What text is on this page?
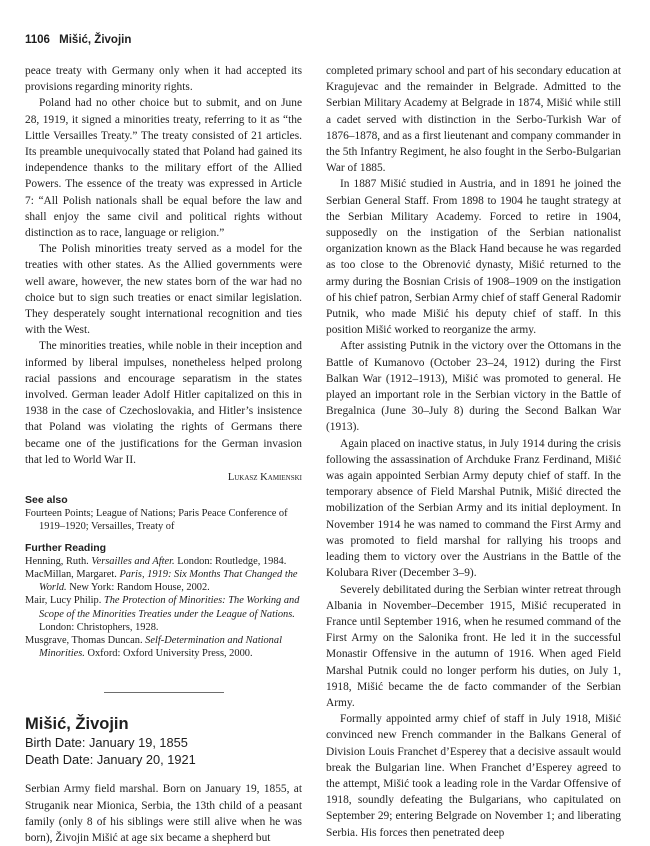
1106 Mišić, Živojin

peace treaty with Germany only when it had accepted its provisions regarding minority rights.

Poland had no other choice but to submit, and on June 28, 1919, it signed a minorities treaty, referring to it as “the Little Versailles Treaty.” The treaty consisted of 21 articles. Its preamble unequivocally stated that Poland had gained its independence thanks to the military effort of the Allied Powers. The essence of the treaty was expressed in Article 7: “All Polish nationals shall be equal before the law and shall enjoy the same civil and political rights without distinction as to race, language or religion.”

The Polish minorities treaty served as a model for the treaties with other states. As the Allied governments were well aware, however, the new states born of the war had no choice but to sign such treaties or enact similar legislation. They desperately sought international recognition and ties with the West.

The minorities treaties, while noble in their inception and informed by liberal impulses, nonetheless helped prolong racial passions and encourage separatism in the states involved. German leader Adolf Hitler capitalized on this in 1938 in the case of Czechoslovakia, and Hitler’s insistence that Poland was violating the rights of Germans there became one of the justifications for the German invasion that led to World War II.

Lukasz Kamienski
See also
Fourteen Points; League of Nations; Paris Peace Conference of 1919–1920; Versailles, Treaty of
Further Reading
Henning, Ruth. Versailles and After. London: Routledge, 1984.
MacMillan, Margaret. Paris, 1919: Six Months That Changed the World. New York: Random House, 2002.
Mair, Lucy Philip. The Protection of Minorities: The Working and Scope of the Minorities Treaties under the League of Nations. London: Christophers, 1928.
Musgrave, Thomas Duncan. Self-Determination and National Minorities. Oxford: Oxford University Press, 2000.
Mišić, Živojin
Birth Date: January 19, 1855
Death Date: January 20, 1921

Serbian Army field marshal. Born on January 19, 1855, at Struganik near Mionica, Serbia, the 13th child of a peasant family (only 8 of his siblings were still alive when he was born), Živojin Mišić at age six became a shepherd but

completed primary school and part of his secondary education at Kragujevac and the remainder in Belgrade. Admitted to the Serbian Military Academy at Belgrade in 1874, Mišić while still a cadet served with distinction in the Serbo-Turkish War of 1876–1878, and as a first lieutenant and company commander in the 5th Infantry Regiment, he also fought in the Serbo-Bulgarian War of 1885.

In 1887 Mišić studied in Austria, and in 1891 he joined the Serbian General Staff. From 1898 to 1904 he taught strategy at the Serbian Military Academy. Forced to retire in 1904, supposedly on the instigation of the Serbian nationalist organization known as the Black Hand because he was regarded as too close to the Obrenović dynasty, Mišić returned to the army during the Bosnian Crisis of 1908–1909 on the instigation of his chief patron, Serbian Army chief of staff General Radomir Putnik, who made Mišić his deputy chief of staff. In this position Mišić worked to reorganize the army.

After assisting Putnik in the victory over the Ottomans in the Battle of Kumanovo (October 23–24, 1912) during the First Balkan War (1912–1913), Mišić was promoted to general. He played an important role in the Serbian victory in the Battle of Bregalnica (June 30–July 8) during the Second Balkan War (1913).

Again placed on inactive status, in July 1914 during the crisis following the assassination of Archduke Franz Ferdinand, Mišić was again appointed Serbian Army deputy chief of staff. In the temporary absence of Field Marshal Putnik, Mišić directed the mobilization of the Serbian Army and its initial deployment. In November 1914 he was named to command the First Army and was promoted to field marshal for rallying his troops and leading them to victory over the Austrians in the Battle of the Kolubara River (December 3–9).

Severely debilitated during the Serbian winter retreat through Albania in November–December 1915, Mišić recuperated in France until September 1916, when he resumed command of the First Army on the Salonika front. He led it in the successful Monastir Offensive in the autumn of 1916. When aged Field Marshal Putnik could no longer perform his duties, on July 1, 1918, Mišić became the de facto commander of the Serbian Army.

Formally appointed army chief of staff in July 1918, Mišić convinced new French commander in the Balkans General of Division Louis Franchet d’Esperey that a decisive assault would break the Bulgarian line. When Franchet d’Esperey agreed to the attempt, Mišić took a leading role in the Vardar Offensive of 1918, soundly defeating the Bulgarians, who capitulated on September 29; entering Belgrade on November 1; and liberating Serbia. His forces then penetrated deep
